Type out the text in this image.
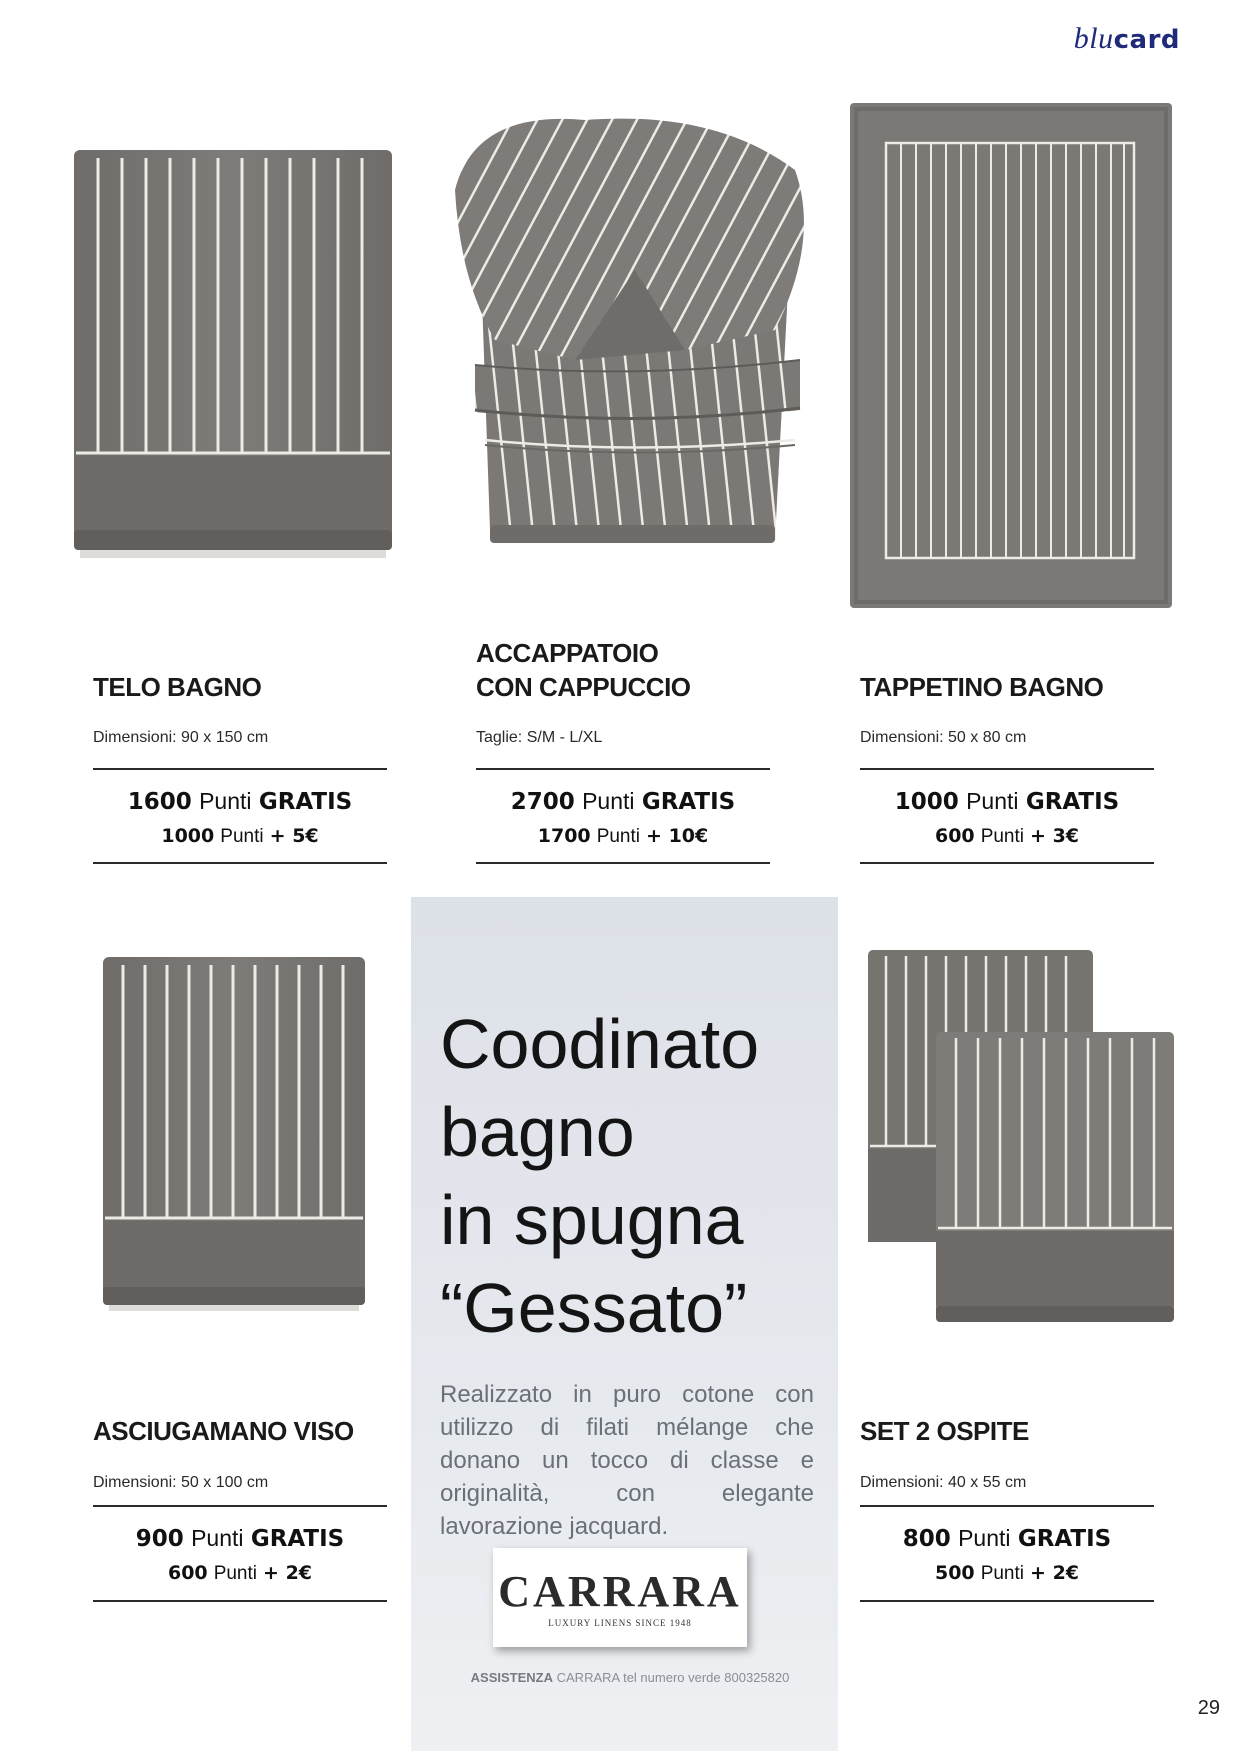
blucard
Coodinato
bagno
in spugna
“Gessato”
Realizzato in puro cotone con utilizzo di filati mélange che donano un tocco di classe e originalità, con elegante lavorazione jacquard.
CARRARA
LUXURY LINENS SINCE 1948
ASSISTENZA CARRARA tel numero verde 800325820
TELO BAGNO
Dimensioni: 90 x 150 cm
1600 Punti GRATIS
1000 Punti + 5€
ACCAPPATOIO
CON CAPPUCCIO
Taglie: S/M - L/XL
2700 Punti GRATIS
1700 Punti + 10€
TAPPETINO BAGNO
Dimensioni: 50 x 80 cm
1000 Punti GRATIS
600 Punti + 3€
ASCIUGAMANO VISO
Dimensioni: 50 x 100 cm
900 Punti GRATIS
600 Punti + 2€
SET 2 OSPITE
Dimensioni: 40 x 55 cm
800 Punti GRATIS
500 Punti + 2€
29
